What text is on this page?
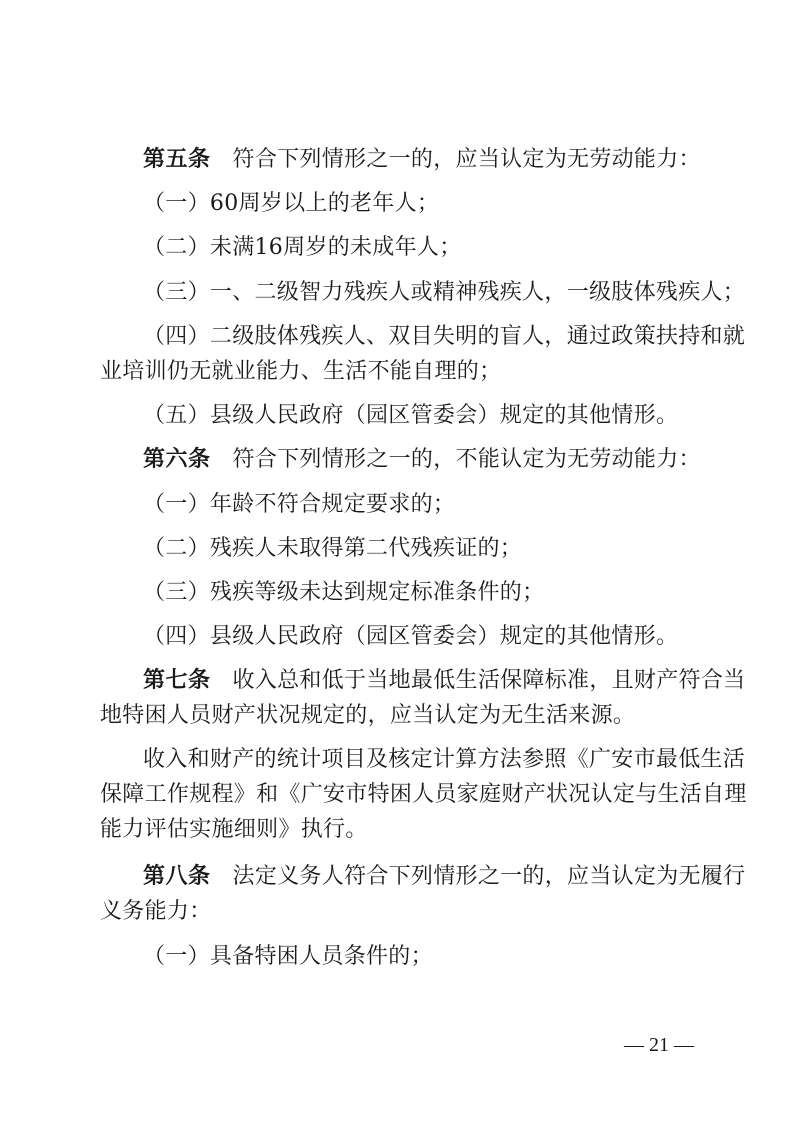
第五条 符合下列情形之一的，应当认定为无劳动能力：
（一）60周岁以上的老年人；
（二）未满16周岁的未成年人；
（三）一、二级智力残疾人或精神残疾人，一级肢体残疾人；
（四）二级肢体残疾人、双目失明的盲人，通过政策扶持和就
业培训仍无就业能力、生活不能自理的；
（五）县级人民政府（园区管委会）规定的其他情形。
第六条 符合下列情形之一的，不能认定为无劳动能力：
（一）年龄不符合规定要求的；
（二）残疾人未取得第二代残疾证的；
（三）残疾等级未达到规定标准条件的；
（四）县级人民政府（园区管委会）规定的其他情形。
第七条 收入总和低于当地最低生活保障标准，且财产符合当
地特困人员财产状况规定的，应当认定为无生活来源。
收入和财产的统计项目及核定计算方法参照《广安市最低生活
保障工作规程》和《广安市特困人员家庭财产状况认定与生活自理
能力评估实施细则》执行。
第八条 法定义务人符合下列情形之一的，应当认定为无履行
义务能力：
（一）具备特困人员条件的；
— 21 —
